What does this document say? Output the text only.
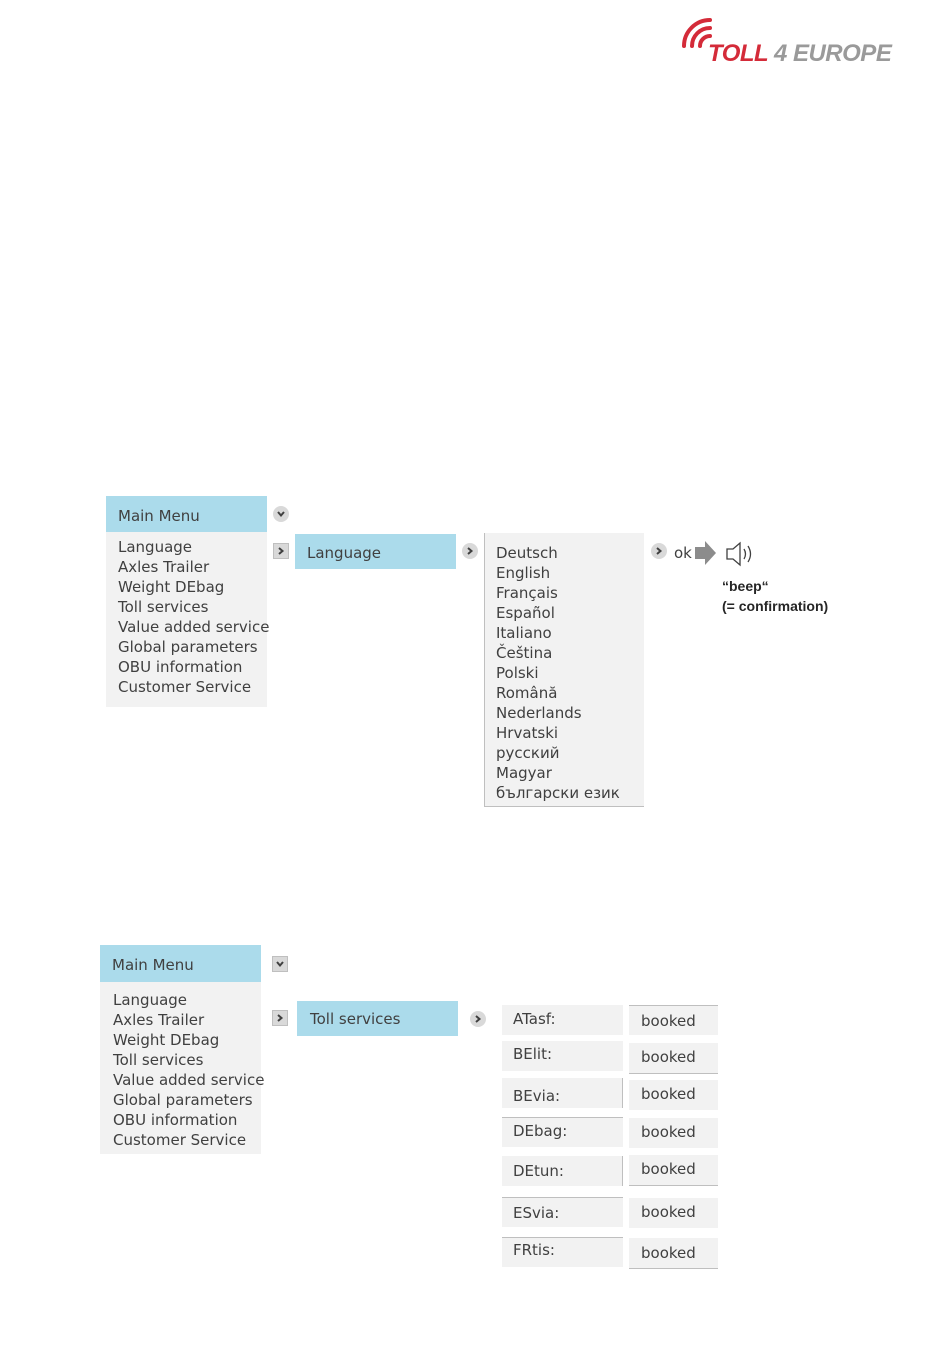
TOLL 4 EUROPE
Main Menu
Language
Axles Trailer
Weight DEbag
Toll services
Value added service
Global parameters
OBU information
Customer Service
Language	Deutsch
English
Français
Español
Italiano
Čeština
Polski
Română
Nederlands
Hrvatski
русский
Magyar
български език
ok
“beep“
(= confirmation)
Main Menu
Language
Axles Trailer
Weight DEbag
Toll services
Value added service
Global parameters
OBU information
Customer Service
Toll services	ATasf:	booked
BElit:	booked
BEvia:	booked
DEbag:	booked
DEtun:	booked
ESvia:	booked
FRtis:	booked
